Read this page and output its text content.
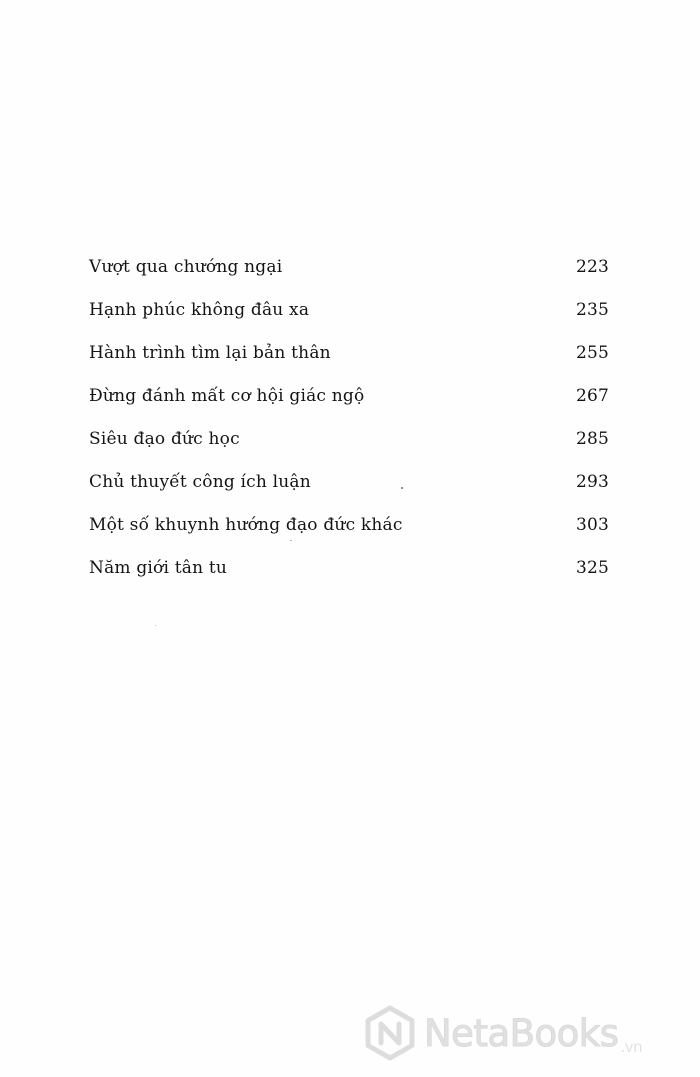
Vượt qua chướng ngại	223
Hạnh phúc không đâu xa	235
Hành trình tìm lại bản thân	255
Đừng đánh mất cơ hội giác ngộ	267
Siêu đạo đức học	285
Chủ thuyết công ích luận	293
Một số khuynh hướng đạo đức khác	303
Năm giới tân tu	325
NetaBooks .vn
